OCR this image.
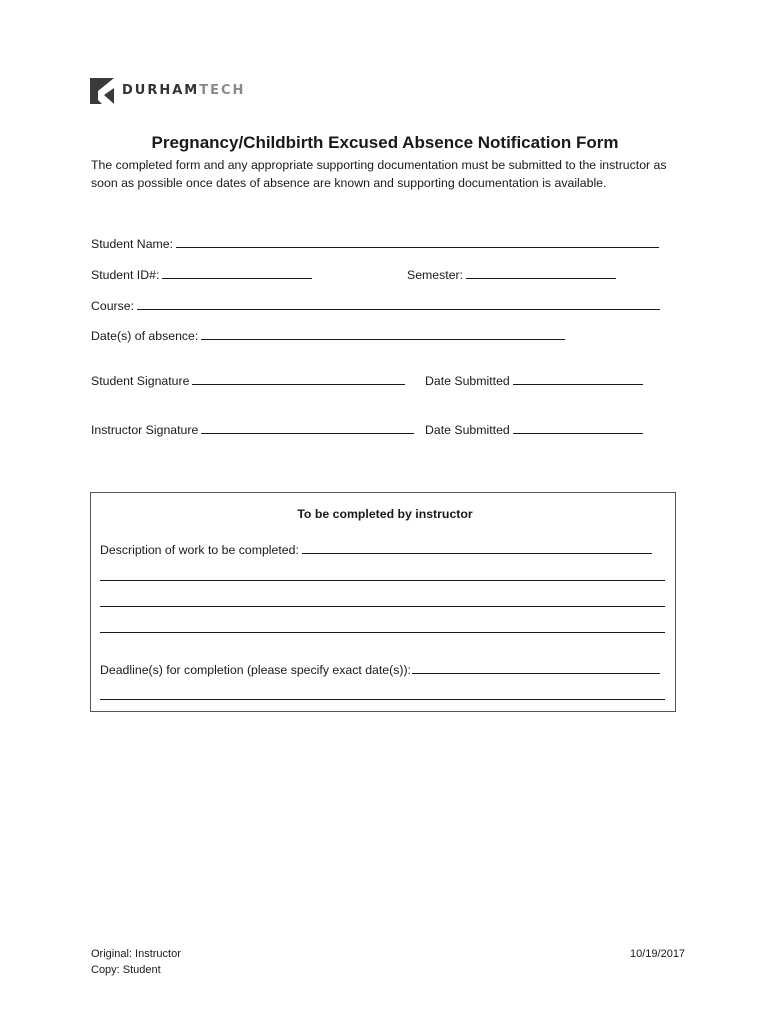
DURHAMTECH
Pregnancy/Childbirth Excused Absence Notification Form
The completed form and any appropriate supporting documentation must be submitted to the instructor as soon as possible once dates of absence are known and supporting documentation is available.
Student Name:
Student ID#:	Semester:
Course:
Date(s) of absence:
Student Signature	Date Submitted
Instructor Signature	Date Submitted
To be completed by instructor
Description of work to be completed:
Deadline(s) for completion (please specify exact date(s)):
Original: Instructor
Copy: Student
10/19/2017
